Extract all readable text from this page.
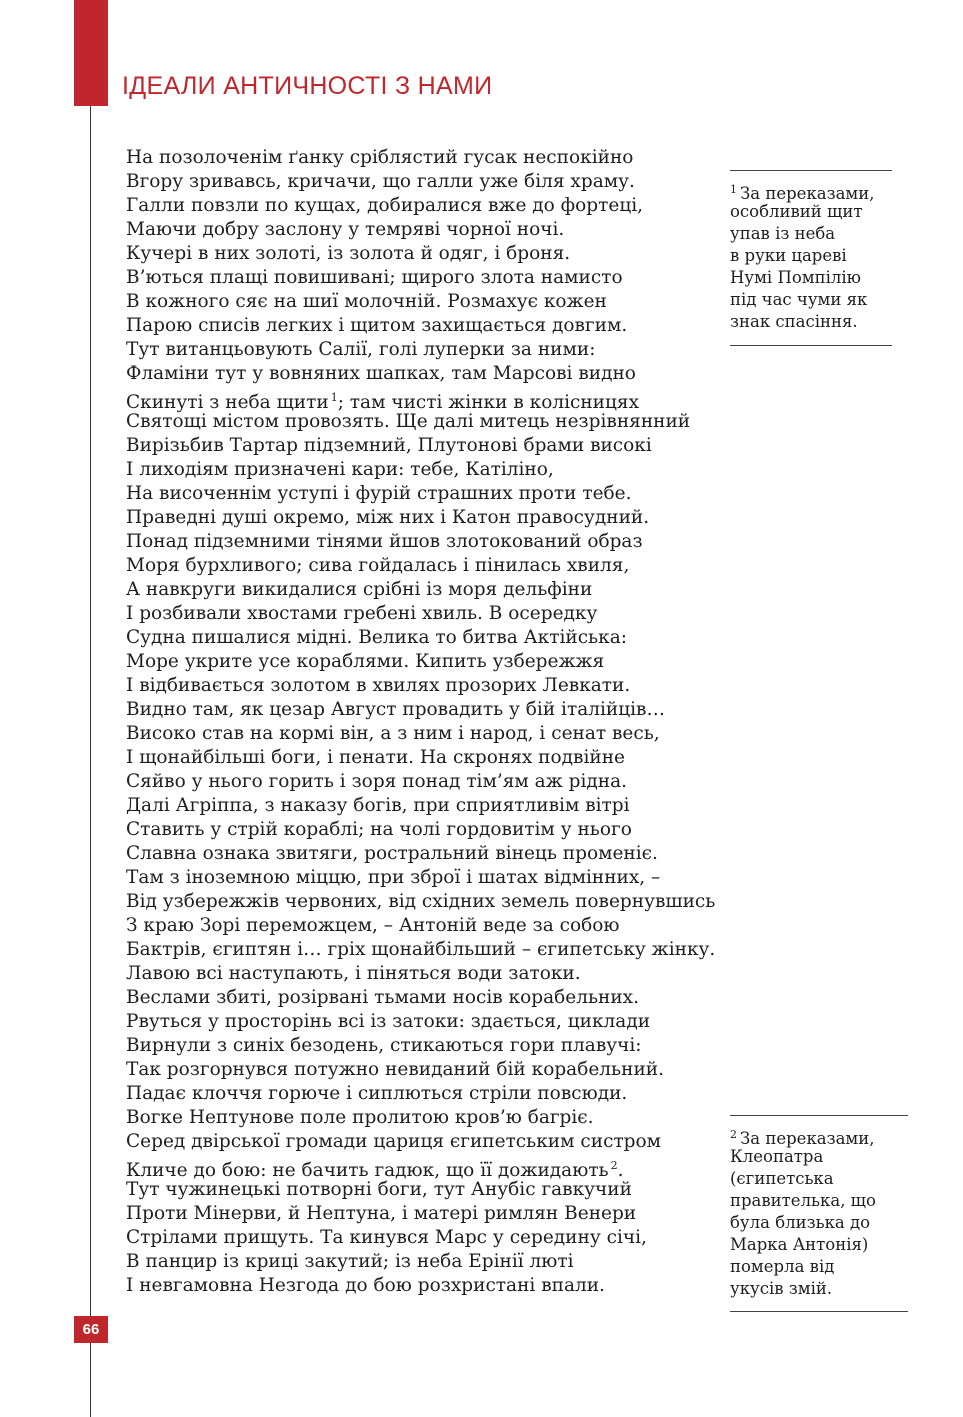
ІДЕАЛИ АНТИЧНОСТІ З НАМИ
На позолоченім ґанку сріблястий гусак неспокійно
Вгору зривавсь, кричачи, що галли уже біля храму.
Галли повзли по кущах, добиралися вже до фортеці,
Маючи добру заслону у темряві чорної ночі.
Кучері в них золоті, із золота й одяг, і броня.
В’ються плащі повишивані; щирого злота намисто
В кожного сяє на шиї молочній. Розмахує кожен
Парою списів легких і щитом захищається довгим.
Тут витанцьовують Салії, голі луперки за ними:
Фламіни тут у вовняних шапках, там Марсові видно
Скинуті з неба щити $^1$; там чисті жінки в колісницях
Святощі містом провозять. Ще далі митець незрівнянний
Вирізьбив Тартар підземний, Плутонові брами високі
І лиходіям призначені кари: тебе, Катіліно,
На височеннім уступі і фурій страшних проти тебе.
Праведні душі окремо, між них і Катон правосудний.
Понад підземними тінями йшов злотокований образ
Моря бурхливого; сива гойдалась і пінилась хвиля,
А навкруги викидалися срібні із моря дельфіни
І розбивали хвостами гребені хвиль. В осередку
Судна пишалися мідні. Велика то битва Актійська:
Море укрите усе кораблями. Кипить узбережжя
І відбивається золотом в хвилях прозорих Левкати.
Видно там, як цезар Август провадить у бій італійців…
Високо став на кормі він, а з ним і народ, і сенат весь,
І щонайбільші боги, і пенати. На скронях подвійне
Сяйво у нього горить і зоря понад тім’ям аж рідна.
Далі Агріппа, з наказу богів, при сприятливім вітрі
Ставить у стрій кораблі; на чолі гордовитім у нього
Славна ознака звитяги, ростральний вінець променіє.
Там з іноземною міццю, при зброї і шатах відмінних, –
Від узбережжів червоних, від східних земель повернувшись
З краю Зорі переможцем, – Антоній веде за собою
Бактрів, єгиптян і… гріх щонайбільший – єгипетську жінку.
Лавою всі наступають, і піняться води затоки.
Веслами збиті, розірвані тьмами носів корабельних.
Рвуться у просторінь всі із затоки: здається, циклади
Вирнули з синіх безодень, стикаються гори плавучі:
Так розгорнувся потужно невиданий бій корабельний.
Падає клоччя горюче і сиплються стріли повсюди.
Вогке Нептунове поле пролитою кров’ю багріє.
Серед двірської громади цариця єгипетським систром
Кличе до бою: не бачить гадюк, що її дожидають $^2$.
Тут чужинецькі потворні боги, тут Анубіс гавкучий
Проти Мінерви, й Нептуна, і матері римлян Венери
Стрілами прищуть. Та кинувся Марс у середину січі,
В панцир із криці закутий; із неба Ерінії люті
І невгамовна Незгода до бою розхристані впали.
$^1$ За переказами,
особливий щит
упав із неба
в руки цареві
Нумі Помпілію
під час чуми як
знак спасіння.
$^2$ За переказами,
Клеопатра
(єгипетська
правителька, що
була близька до
Марка Антонія)
померла від
укусів змій.
66
